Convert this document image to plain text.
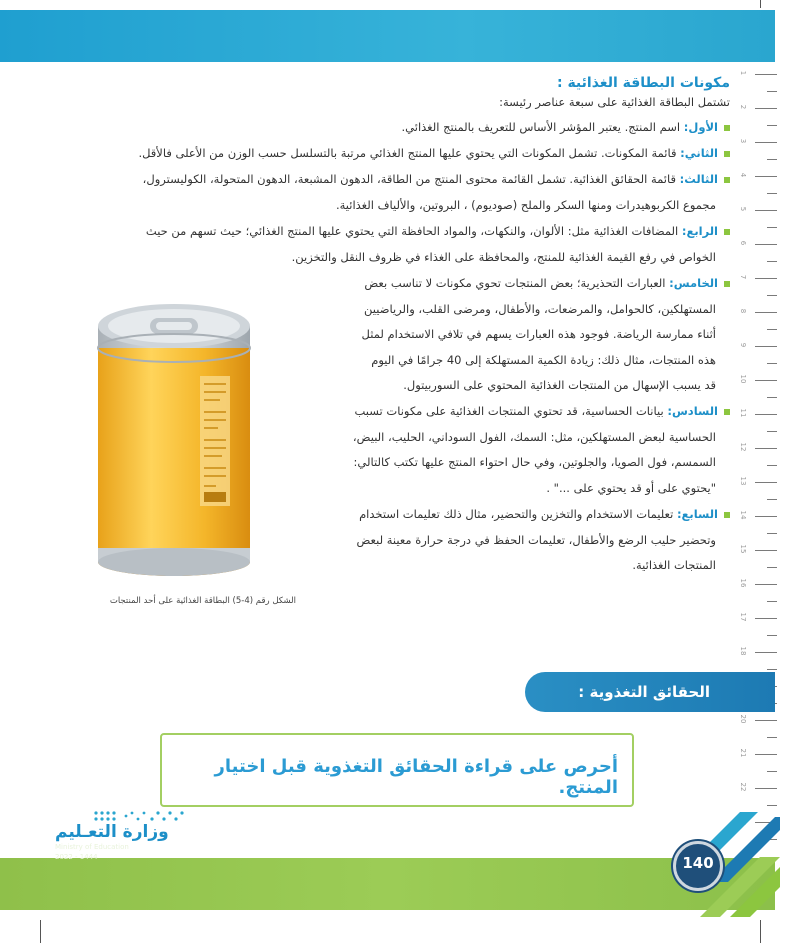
1
2
3
4
5
6
7
8
9
10
11
12
13
14
15
16
17
18
20
21
22
مكونات البطاقة الغذائية :
تشتمل البطاقة الغذائية على سبعة عناصر رئيسة:
الأول: اسم المنتج. يعتبر المؤشر الأساس للتعريف بالمنتج الغذائي.
الثاني: قائمة المكونات. تشمل المكونات التي يحتوي عليها المنتج الغذائي مرتبة بالتسلسل حسب الوزن من الأعلى فالأقل.
الثالث: قائمة الحقائق الغذائية. تشمل القائمة محتوى المنتج من الطاقة، الدهون المشبعة، الدهون المتحولة، الكوليسترول،
مجموع الكربوهيدرات ومنها السكر والملح (صوديوم) ، البروتين، والألياف الغذائية.
الرابع: المضافات الغذائية مثل: الألوان، والنكهات، والمواد الحافظة التي يحتوي عليها المنتج الغذائي؛ حيث تسهم من حيث
الخواص في رفع القيمة الغذائية للمنتج، والمحافظة على الغذاء في ظروف النقل والتخزين.
الخامس: العبارات التحذيرية؛ بعض المنتجات تحوي مكونات لا تناسب بعض
المستهلكين، كالحوامل، والمرضعات، والأطفال، ومرضى القلب، والرياضيين
أثناء ممارسة الرياضة. فوجود هذه العبارات يسهم في تلافي الاستخدام لمثل
هذه المنتجات، مثال ذلك: زيادة الكمية المستهلكة إلى 40 جرامًا في اليوم
قد يسبب الإسهال من المنتجات الغذائية المحتوي على السوربيتول.
السادس: بيانات الحساسية، قد تحتوي المنتجات الغذائية على مكونات تسبب
الحساسية لبعض المستهلكين، مثل: السمك، الفول السوداني، الحليب، البيض،
السمسم، فول الصويا، والجلوتين، وفي حال احتواء المنتج عليها تكتب كالتالي:
"يحتوي على أو قد يحتوي على ..." .
السابع: تعليمات الاستخدام والتخزين والتحضير، مثال ذلك تعليمات استخدام
وتحضير حليب الرضع والأطفال، تعليمات الحفظ في درجة حرارة معينة لبعض
المنتجات الغذائية.
الشكل رقم (4-5) البطاقة الغذائية على أحد المنتجات
الحقائق التغذوية :
أحرص على قراءة الحقائق التغذوية قبل اختيار المنتج.
وزارة التعـليم
Ministry of Education
2022 - 1444	140
